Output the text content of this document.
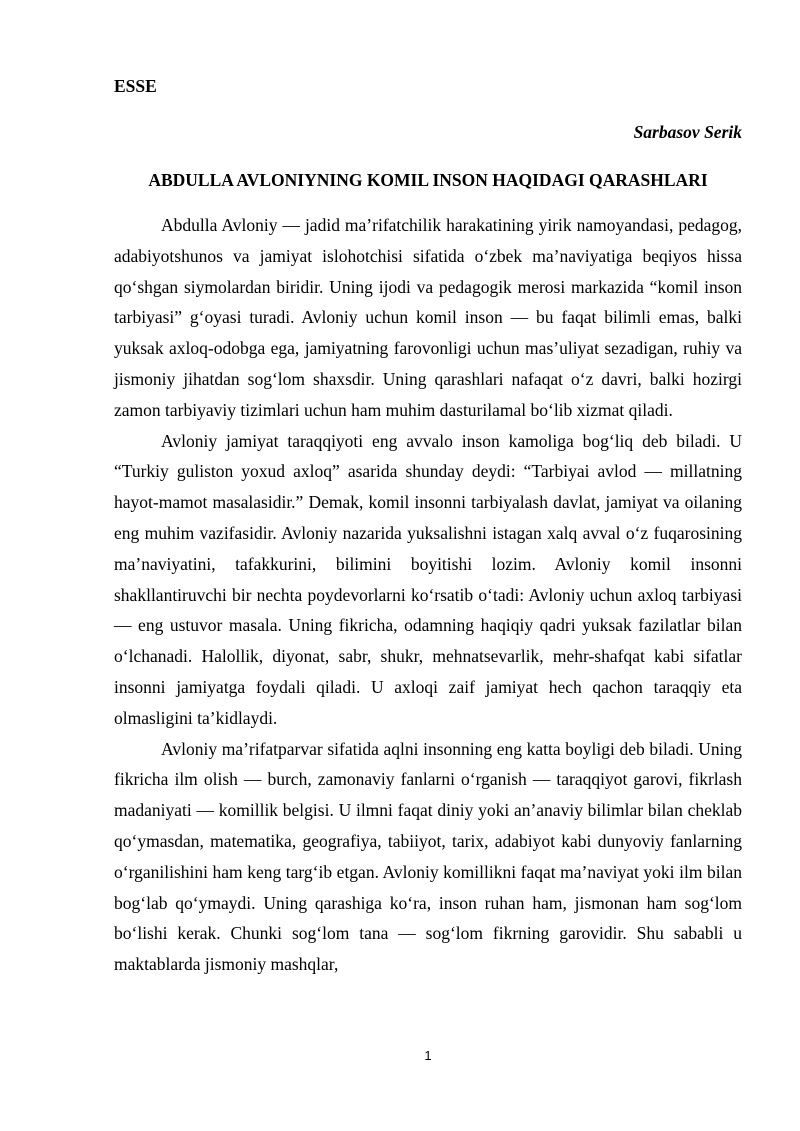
ESSE

Sarbasov Serik

ABDULLA AVLONIYNING KOMIL INSON HAQIDAGI QARASHLARI

Abdulla Avloniy — jadid ma’rifatchilik harakatining yirik namoyandasi, pedagog, adabiyotshunos va jamiyat islohotchisi sifatida o‘zbek ma’naviyatiga beqiyos hissa qo‘shgan siymolardan biridir. Uning ijodi va pedagogik merosi markazida “komil inson tarbiyasi” g‘oyasi turadi. Avloniy uchun komil inson — bu faqat bilimli emas, balki yuksak axloq-odobga ega, jamiyatning farovonligi uchun mas’uliyat sezadigan, ruhiy va jismoniy jihatdan sog‘lom shaxsdir. Uning qarashlari nafaqat o‘z davri, balki hozirgi zamon tarbiyaviy tizimlari uchun ham muhim dasturilamal bo‘lib xizmat qiladi.

Avloniy jamiyat taraqqiyoti eng avvalo inson kamoliga bog‘liq deb biladi. U “Turkiy guliston yoxud axloq” asarida shunday deydi: “Tarbiyai avlod — millatning hayot-mamot masalasidir.” Demak, komil insonni tarbiyalash davlat, jamiyat va oilaning eng muhim vazifasidir. Avloniy nazarida yuksalishni istagan xalq avval o‘z fuqarosining ma’naviyatini, tafakkurini, bilimini boyitishi lozim. Avloniy komil insonni shakllantiruvchi bir nechta poydevorlarni ko‘rsatib o‘tadi: Avloniy uchun axloq tarbiyasi — eng ustuvor masala. Uning fikricha, odamning haqiqiy qadri yuksak fazilatlar bilan o‘lchanadi. Halollik, diyonat, sabr, shukr, mehnatsevarlik, mehr-shafqat kabi sifatlar insonni jamiyatga foydali qiladi. U axloqi zaif jamiyat hech qachon taraqqiy eta olmasligini ta’kidlaydi.

Avloniy ma’rifatparvar sifatida aqlni insonning eng katta boyligi deb biladi. Uning fikricha ilm olish — burch, zamonaviy fanlarni o‘rganish — taraqqiyot garovi, fikrlash madaniyati — komillik belgisi. U ilmni faqat diniy yoki an’anaviy bilimlar bilan cheklab qo‘ymasdan, matematika, geografiya, tabiiyot, tarix, adabiyot kabi dunyoviy fanlarning o‘rganilishini ham keng targ‘ib etgan. Avloniy komillikni faqat ma’naviyat yoki ilm bilan bog‘lab qo‘ymaydi. Uning qarashiga ko‘ra, inson ruhan ham, jismonan ham sog‘lom bo‘lishi kerak. Chunki sog‘lom tana — sog‘lom fikrning garovidir. Shu sababli u maktablarda jismoniy mashqlar,

1
